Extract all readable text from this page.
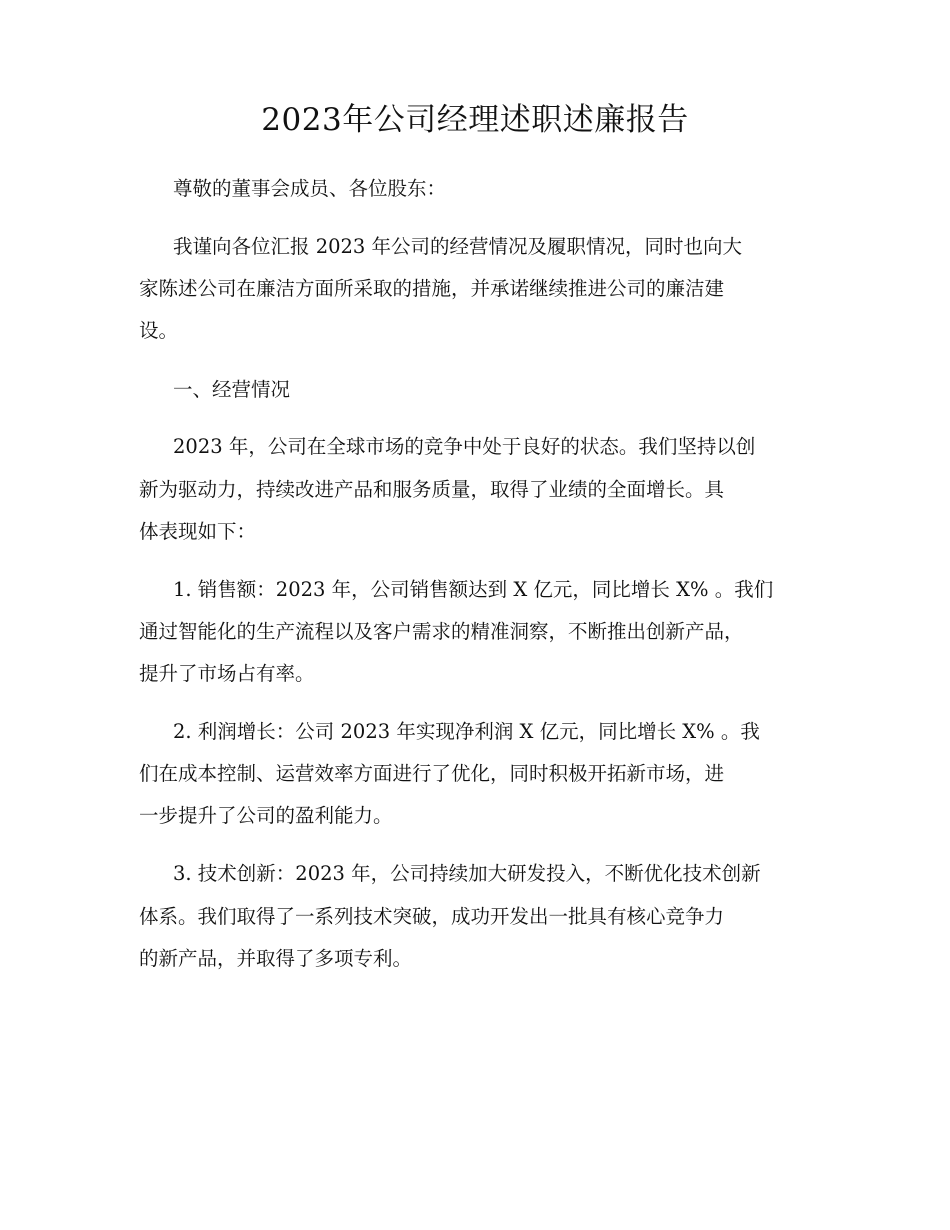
2023年公司经理述职述廉报告

尊敬的董事会成员、各位股东：

我谨向各位汇报 2023 年公司的经营情况及履职情况，同时也向大

家陈述公司在廉洁方面所采取的措施，并承诺继续推进公司的廉洁建

设。

一、经营情况

2023 年，公司在全球市场的竞争中处于良好的状态。我们坚持以创

新为驱动力，持续改进产品和服务质量，取得了业绩的全面增长。具

体表现如下：

1. 销售额：2023 年，公司销售额达到 X 亿元，同比增长 X% 。我们

通过智能化的生产流程以及客户需求的精准洞察，不断推出创新产品，

提升了市场占有率。

2. 利润增长：公司 2023 年实现净利润 X 亿元，同比增长 X% 。我

们在成本控制、运营效率方面进行了优化，同时积极开拓新市场，进

一步提升了公司的盈利能力。

3. 技术创新：2023 年，公司持续加大研发投入，不断优化技术创新

体系。我们取得了一系列技术突破，成功开发出一批具有核心竞争力

的新产品，并取得了多项专利。
